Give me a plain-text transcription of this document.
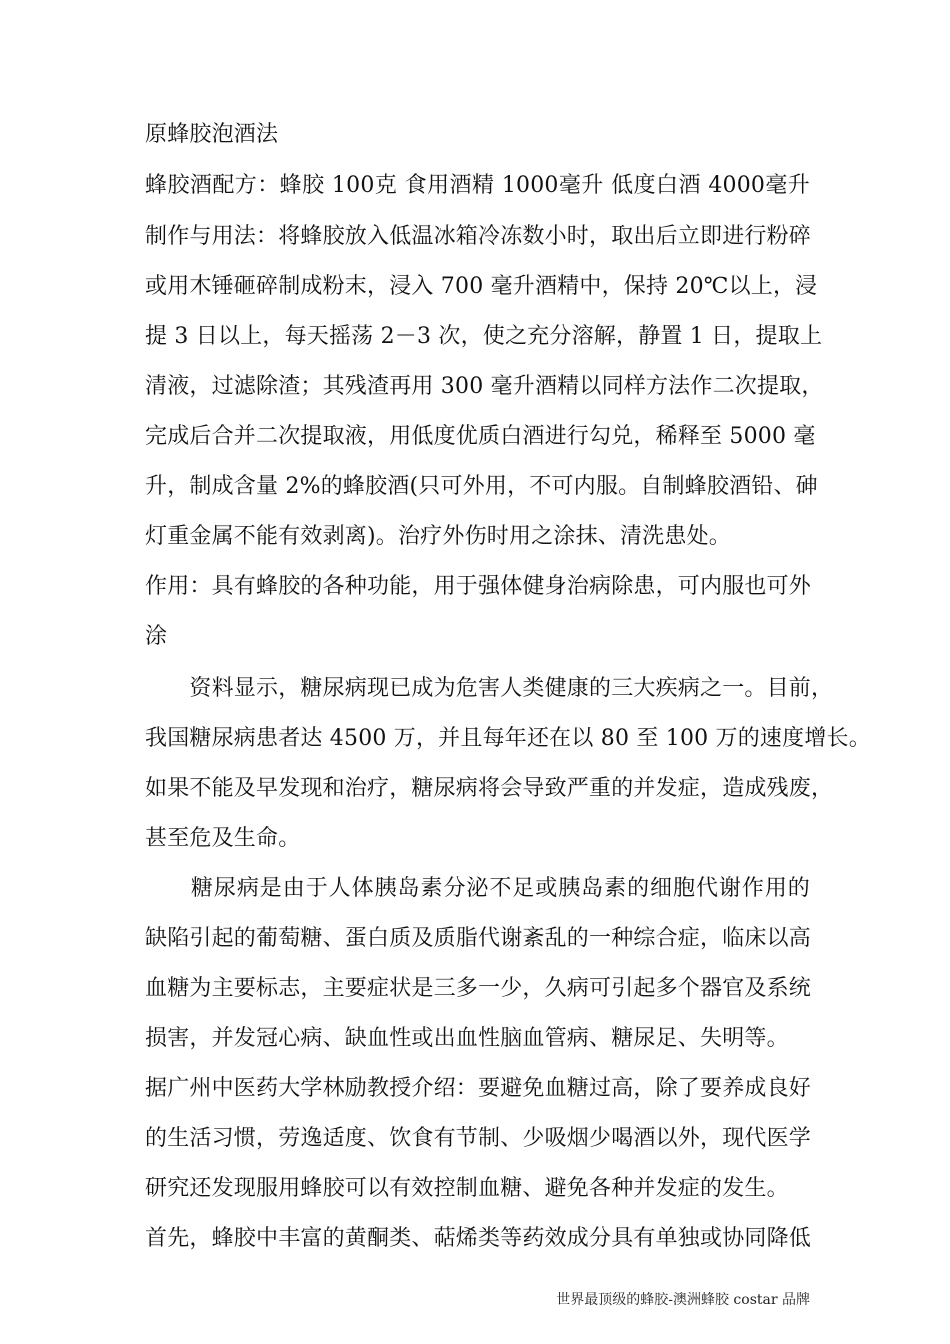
原蜂胶泡酒法
蜂胶酒配方：蜂胶 100克 食用酒精 1000毫升 低度白酒 4000毫升
制作与用法：将蜂胶放入低温冰箱冷冻数小时，取出后立即进行粉碎
或用木锤砸碎制成粉末，浸入 700 毫升酒精中，保持 20℃以上，浸
提 3 日以上，每天摇荡 2－3 次，使之充分溶解，静置 1 日，提取上
清液，过滤除渣；其残渣再用 300 毫升酒精以同样方法作二次提取，
完成后合并二次提取液，用低度优质白酒进行勾兑，稀释至 5000 毫
升，制成含量 2%的蜂胶酒(只可外用，不可内服。自制蜂胶酒铅、砷
灯重金属不能有效剥离)。治疗外伤时用之涂抹、清洗患处。
作用：具有蜂胶的各种功能，用于强体健身治病除患，可内服也可外
涂
　　资料显示，糖尿病现已成为危害人类健康的三大疾病之一。目前，
我国糖尿病患者达 4500 万，并且每年还在以 80 至 100 万的速度增长。
如果不能及早发现和治疗，糖尿病将会导致严重的并发症，造成残废，
甚至危及生命。
　　糖尿病是由于人体胰岛素分泌不足或胰岛素的细胞代谢作用的
缺陷引起的葡萄糖、蛋白质及质脂代谢紊乱的一种综合症，临床以高
血糖为主要标志，主要症状是三多一少，久病可引起多个器官及系统
损害，并发冠心病、缺血性或出血性脑血管病、糖尿足、失明等。
据广州中医药大学林励教授介绍：要避免血糖过高，除了要养成良好
的生活习惯，劳逸适度、饮食有节制、少吸烟少喝酒以外，现代医学
研究还发现服用蜂胶可以有效控制血糖、避免各种并发症的发生。
首先，蜂胶中丰富的黄酮类、萜烯类等药效成分具有单独或协同降低
世界最顶级的蜂胶-澳洲蜂胶 costar 品牌
